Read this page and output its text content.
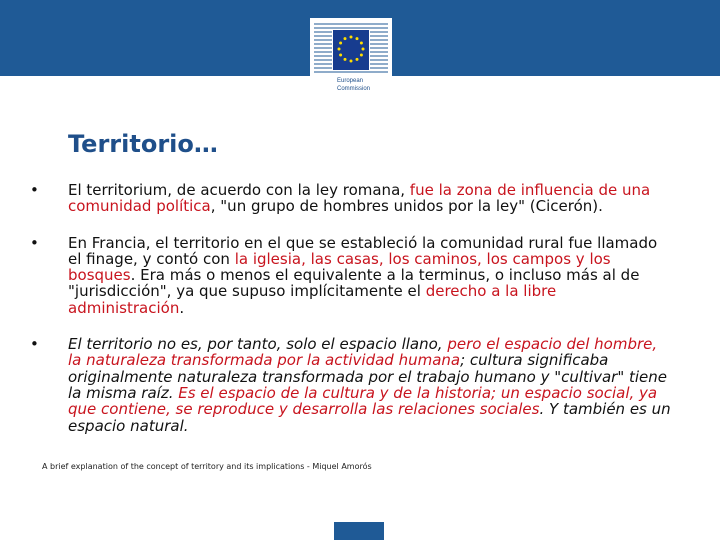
European
Commission
Territorio…
•	El territorium, de acuerdo con la ley romana, fue la zona de influencia de una comunidad política, "un grupo de hombres unidos por la ley" (Cicerón).
•	En Francia, el territorio en el que se estableció la comunidad rural fue llamado el finage, y contó con la iglesia, las casas, los caminos, los campos y los bosques. Era más o menos el equivalente a la terminus, o incluso más al de "jurisdicción", ya que supuso implícitamente el derecho a la libre administración.
•	El territorio no es, por tanto, solo el espacio llano, pero el espacio del hombre, la naturaleza transformada por la actividad humana; cultura significaba originalmente naturaleza transformada por el trabajo humano y "cultivar" tiene la misma raíz. Es el espacio de la cultura y de la historia; un espacio social, ya que contiene, se reproduce y desarrolla las relaciones sociales. Y también es un espacio natural.
A brief explanation of the concept of territory and its implications - Miquel Amorós
